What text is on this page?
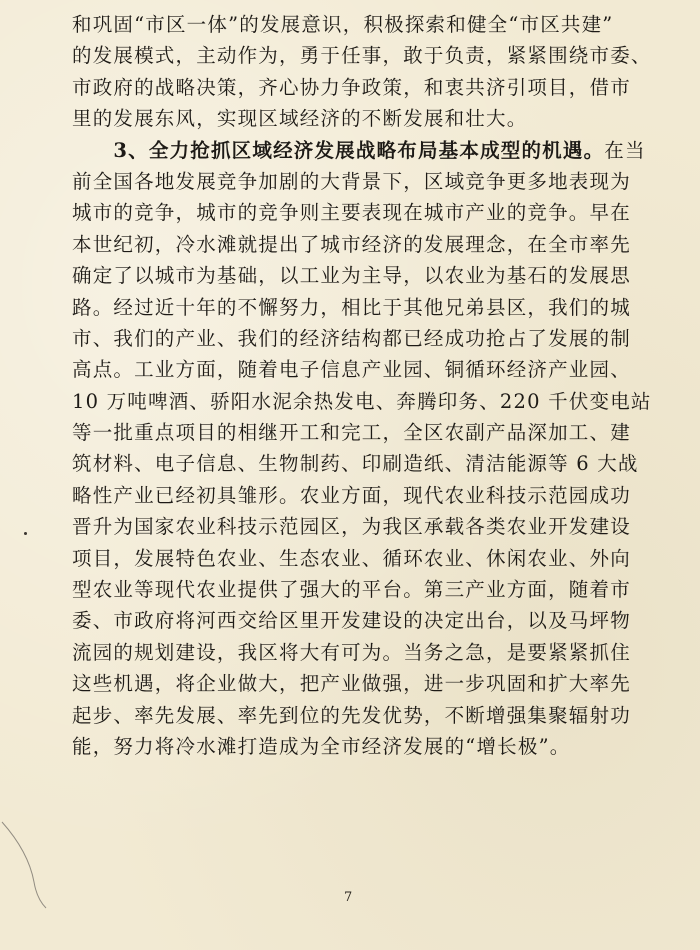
和巩固“市区一体”的发展意识，积极探索和健全“市区共建”
的发展模式，主动作为，勇于任事，敢于负责，紧紧围绕市委、
市政府的战略决策，齐心协力争政策，和衷共济引项目，借市
里的发展东风，实现区域经济的不断发展和壮大。
　　3、全力抢抓区域经济发展战略布局基本成型的机遇。在当
前全国各地发展竞争加剧的大背景下，区域竞争更多地表现为
城市的竞争，城市的竞争则主要表现在城市产业的竞争。早在
本世纪初，冷水滩就提出了城市经济的发展理念，在全市率先
确定了以城市为基础，以工业为主导，以农业为基石的发展思
路。经过近十年的不懈努力，相比于其他兄弟县区，我们的城
市、我们的产业、我们的经济结构都已经成功抢占了发展的制
高点。工业方面，随着电子信息产业园、铜循环经济产业园、
10 万吨啤酒、骄阳水泥余热发电、奔腾印务、220 千伏变电站
等一批重点项目的相继开工和完工，全区农副产品深加工、建
筑材料、电子信息、生物制药、印刷造纸、清洁能源等 6 大战
略性产业已经初具雏形。农业方面，现代农业科技示范园成功
晋升为国家农业科技示范园区，为我区承载各类农业开发建设
项目，发展特色农业、生态农业、循环农业、休闲农业、外向
型农业等现代农业提供了强大的平台。第三产业方面，随着市
委、市政府将河西交给区里开发建设的决定出台，以及马坪物
流园的规划建设，我区将大有可为。当务之急，是要紧紧抓住
这些机遇，将企业做大，把产业做强，进一步巩固和扩大率先
起步、率先发展、率先到位的先发优势，不断增强集聚辐射功
能，努力将冷水滩打造成为全市经济发展的“增长极”。
7
